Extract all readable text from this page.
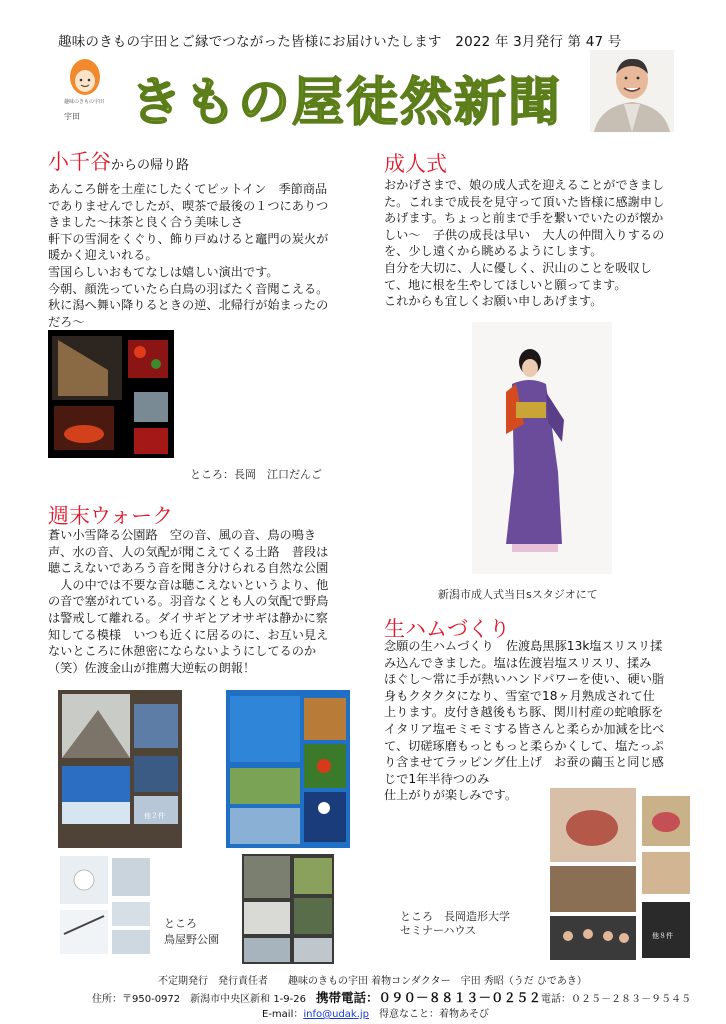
趣味のきもの宇田とご縁でつながった皆様にお届けいたします　2022 年 3月発行 第 47 号
趣味のきもの宇田
宇田 きもの屋徒然新聞
小千谷からの帰り路

あんころ餅を土産にしたくてピットイン　季節商品

でありませんでしたが、喫茶で最後の１つにありつ

きました～抹茶と良く合う美味しさ

軒下の雪洞をくぐり、飾り戸ぬけると竈門の炭火が

暖かく迎えいれる。

雪国らしいおもてなしは嬉しい演出です。

今朝、顔洗っていたら白鳥の羽ばたく音聞こえる。

秋に潟へ舞い降りるときの逆、北帰行が始まったの

だろ～

ところ：長岡　江口だんご
成人式

おかげさまで、娘の成人式を迎えることができまし

た。これまで成長を見守って頂いた皆様に感謝申し

あげます。ちょっと前まで手を繋いでいたのが懐か

しい～　子供の成長は早い　大人の仲間入りするの

を、少し遠くから眺めるようにします。

自分を大切に、人に優しく、沢山のことを吸収し

て、地に根を生やしてほしいと願ってます。

これからも宜しくお願い申しあげます。

新潟市成人式当日sスタジオにて
週末ウォーク

蒼い小雪降る公園路　空の音、風の音、鳥の鳴き

声、水の音、人の気配が聞こえてくる土路　普段は

聴こえないであろう音を聞き分けられる自然な公園

　人の中では不要な音は聴こえないというより、他

の音で塞がれている。羽音なくとも人の気配で野鳥

は警戒して離れる。ダイサギとアオサギは静かに察

知してる模様　いつも近くに居るのに、お互い見え

ないところに休憩密にならないようにしてるのか

（笑）佐渡金山が推薦大逆転の朗報！

他２件
ところ
鳥屋野公園
生ハムづくり

念願の生ハムづくり　佐渡島黒豚13k塩スリスリ揉

み込んできました。塩は佐渡岩塩スリスリ、揉み

ほぐし～常に手が熱いハンドパワーを使い、硬い脂

身もクタクタになり、雪室で18ヶ月熟成されて仕

上ります。皮付き越後もち豚、関川村産の蛇喰豚を

イタリア塩モミモミする皆さんと柔らか加減を比べ

て、切磋琢磨もっともっと柔らかくして、塩たっぷ

り含ませてラッピング仕上げ　お蚕の繭玉と同じ感

じで1年半待つのみ

仕上がりが楽しみです。

他８件
ところ　長岡造形大学
セミナーハウス
不定期発行　発行責任者　　趣味のきもの宇田 着物コンダクター　宇田 秀昭（うだ ひであき）
住所：〒950-0972　新潟市中央区新和 1-9-26　 携帯電話：０９０－８８１３－０２５２電話：０２５－２８３－９５４５
E-mail：info@udak.jp　 得意なこと：着物あそび
